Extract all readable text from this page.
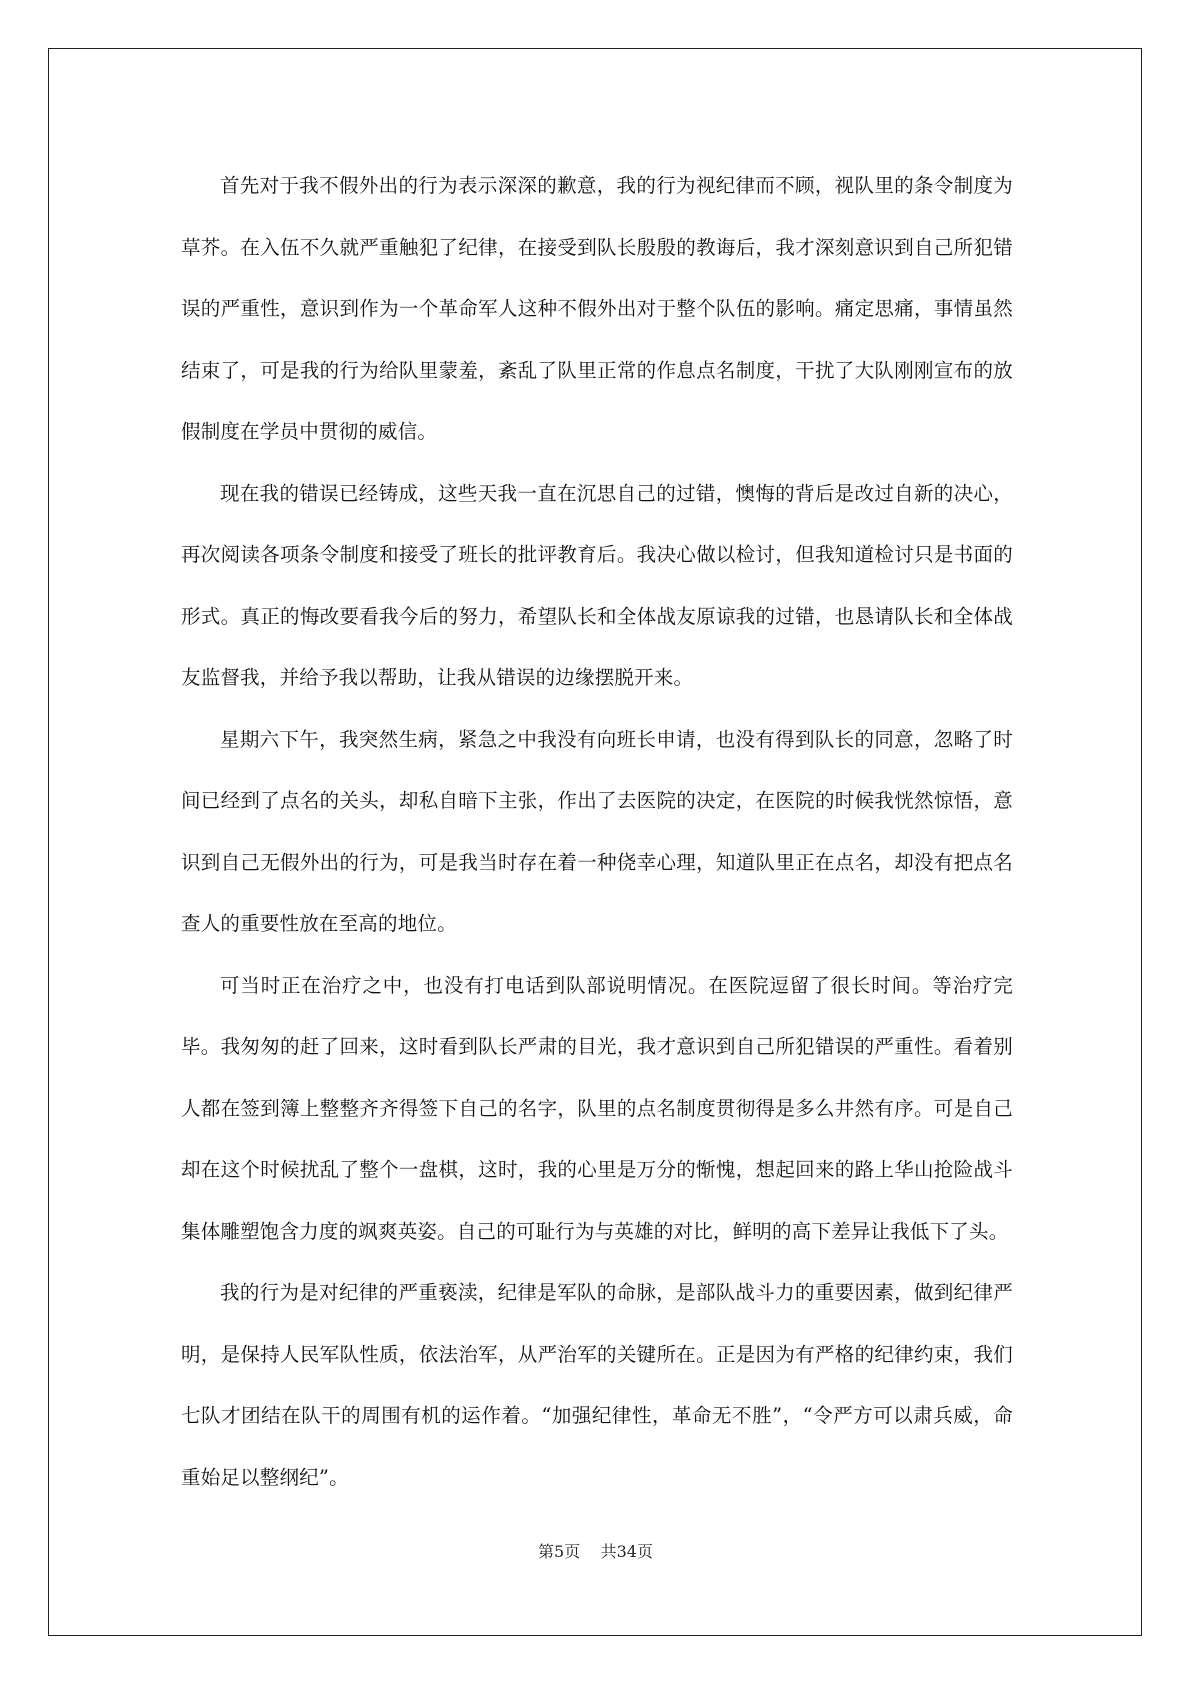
首先对于我不假外出的行为表示深深的歉意，我的行为视纪律而不顾，视队里的条令制度为草芥。在入伍不久就严重触犯了纪律，在接受到队长殷殷的教诲后，我才深刻意识到自己所犯错误的严重性，意识到作为一个革命军人这种不假外出对于整个队伍的影响。痛定思痛，事情虽然结束了，可是我的行为给队里蒙羞，紊乱了队里正常的作息点名制度，干扰了大队刚刚宣布的放假制度在学员中贯彻的威信。

现在我的错误已经铸成，这些天我一直在沉思自己的过错，懊悔的背后是改过自新的决心，再次阅读各项条令制度和接受了班长的批评教育后。我决心做以检讨，但我知道检讨只是书面的形式。真正的悔改要看我今后的努力，希望队长和全体战友原谅我的过错，也恳请队长和全体战友监督我，并给予我以帮助，让我从错误的边缘摆脱开来。

星期六下午，我突然生病，紧急之中我没有向班长申请，也没有得到队长的同意，忽略了时间已经到了点名的关头，却私自暗下主张，作出了去医院的决定，在医院的时候我恍然惊悟，意识到自己无假外出的行为，可是我当时存在着一种侥幸心理，知道队里正在点名，却没有把点名查人的重要性放在至高的地位。

可当时正在治疗之中，也没有打电话到队部说明情况。在医院逗留了很长时间。等治疗完毕。我匆匆的赶了回来，这时看到队长严肃的目光，我才意识到自己所犯错误的严重性。看着别人都在签到簿上整整齐齐得签下自己的名字，队里的点名制度贯彻得是多么井然有序。可是自己却在这个时候扰乱了整个一盘棋，这时，我的心里是万分的惭愧，想起回来的路上华山抢险战斗集体雕塑饱含力度的飒爽英姿。自己的可耻行为与英雄的对比，鲜明的高下差异让我低下了头。

我的行为是对纪律的严重亵渎，纪律是军队的命脉，是部队战斗力的重要因素，做到纪律严明，是保持人民军队性质，依法治军，从严治军的关键所在。正是因为有严格的纪律约束，我们七队才团结在队干的周围有机的运作着。“加强纪律性，革命无不胜”，“令严方可以肃兵威，命重始足以整纲纪”。

第5页 共34页
